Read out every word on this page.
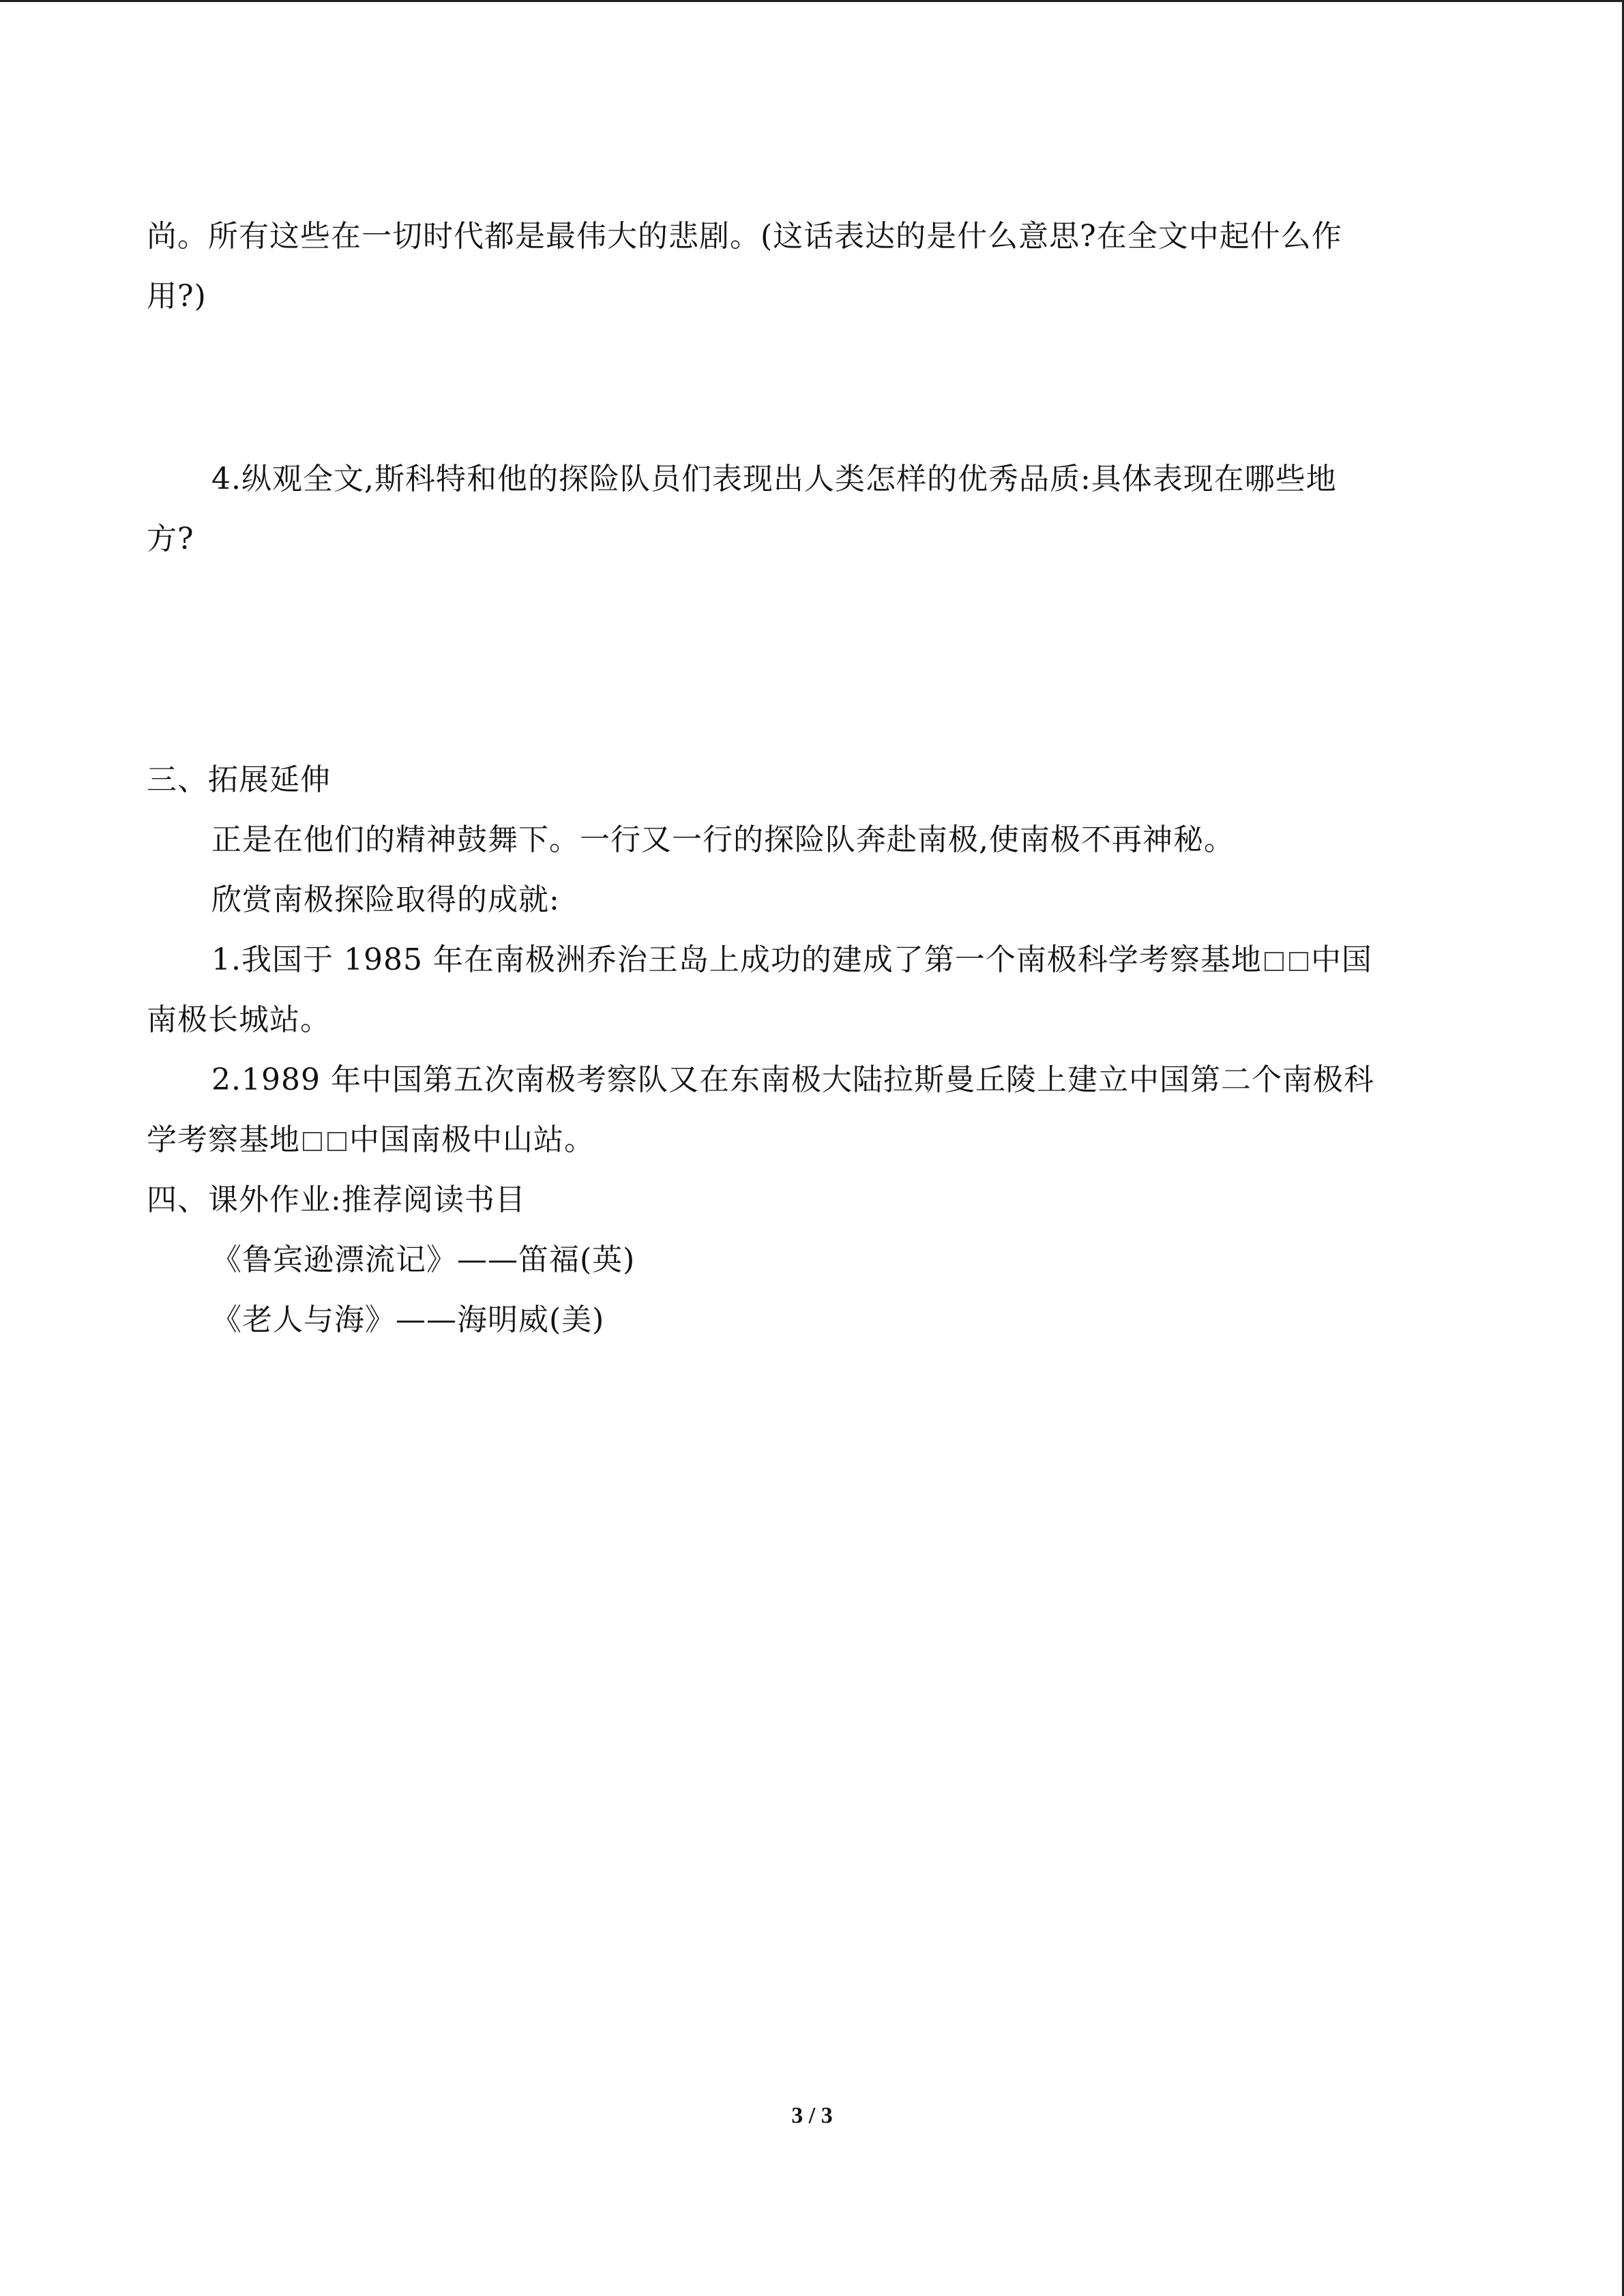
尚。所有这些在一切时代都是最伟大的悲剧。(这话表达的是什么意思?在全文中起什么作
用?)
4.纵观全文,斯科特和他的探险队员们表现出人类怎样的优秀品质:具体表现在哪些地
方?
三、拓展延伸
正是在他们的精神鼓舞下。一行又一行的探险队奔赴南极,使南极不再神秘。
欣赏南极探险取得的成就:
1.我国于 1985 年在南极洲乔治王岛上成功的建成了第一个南极科学考察基地 中国
南极长城站。
2.1989 年中国第五次南极考察队又在东南极大陆拉斯曼丘陵上建立中国第二个南极科
学考察基地 中国南极中山站。
四、课外作业:推荐阅读书目
《鲁宾逊漂流记》——笛福(英)
《老人与海》——海明威(美)
3 / 3
